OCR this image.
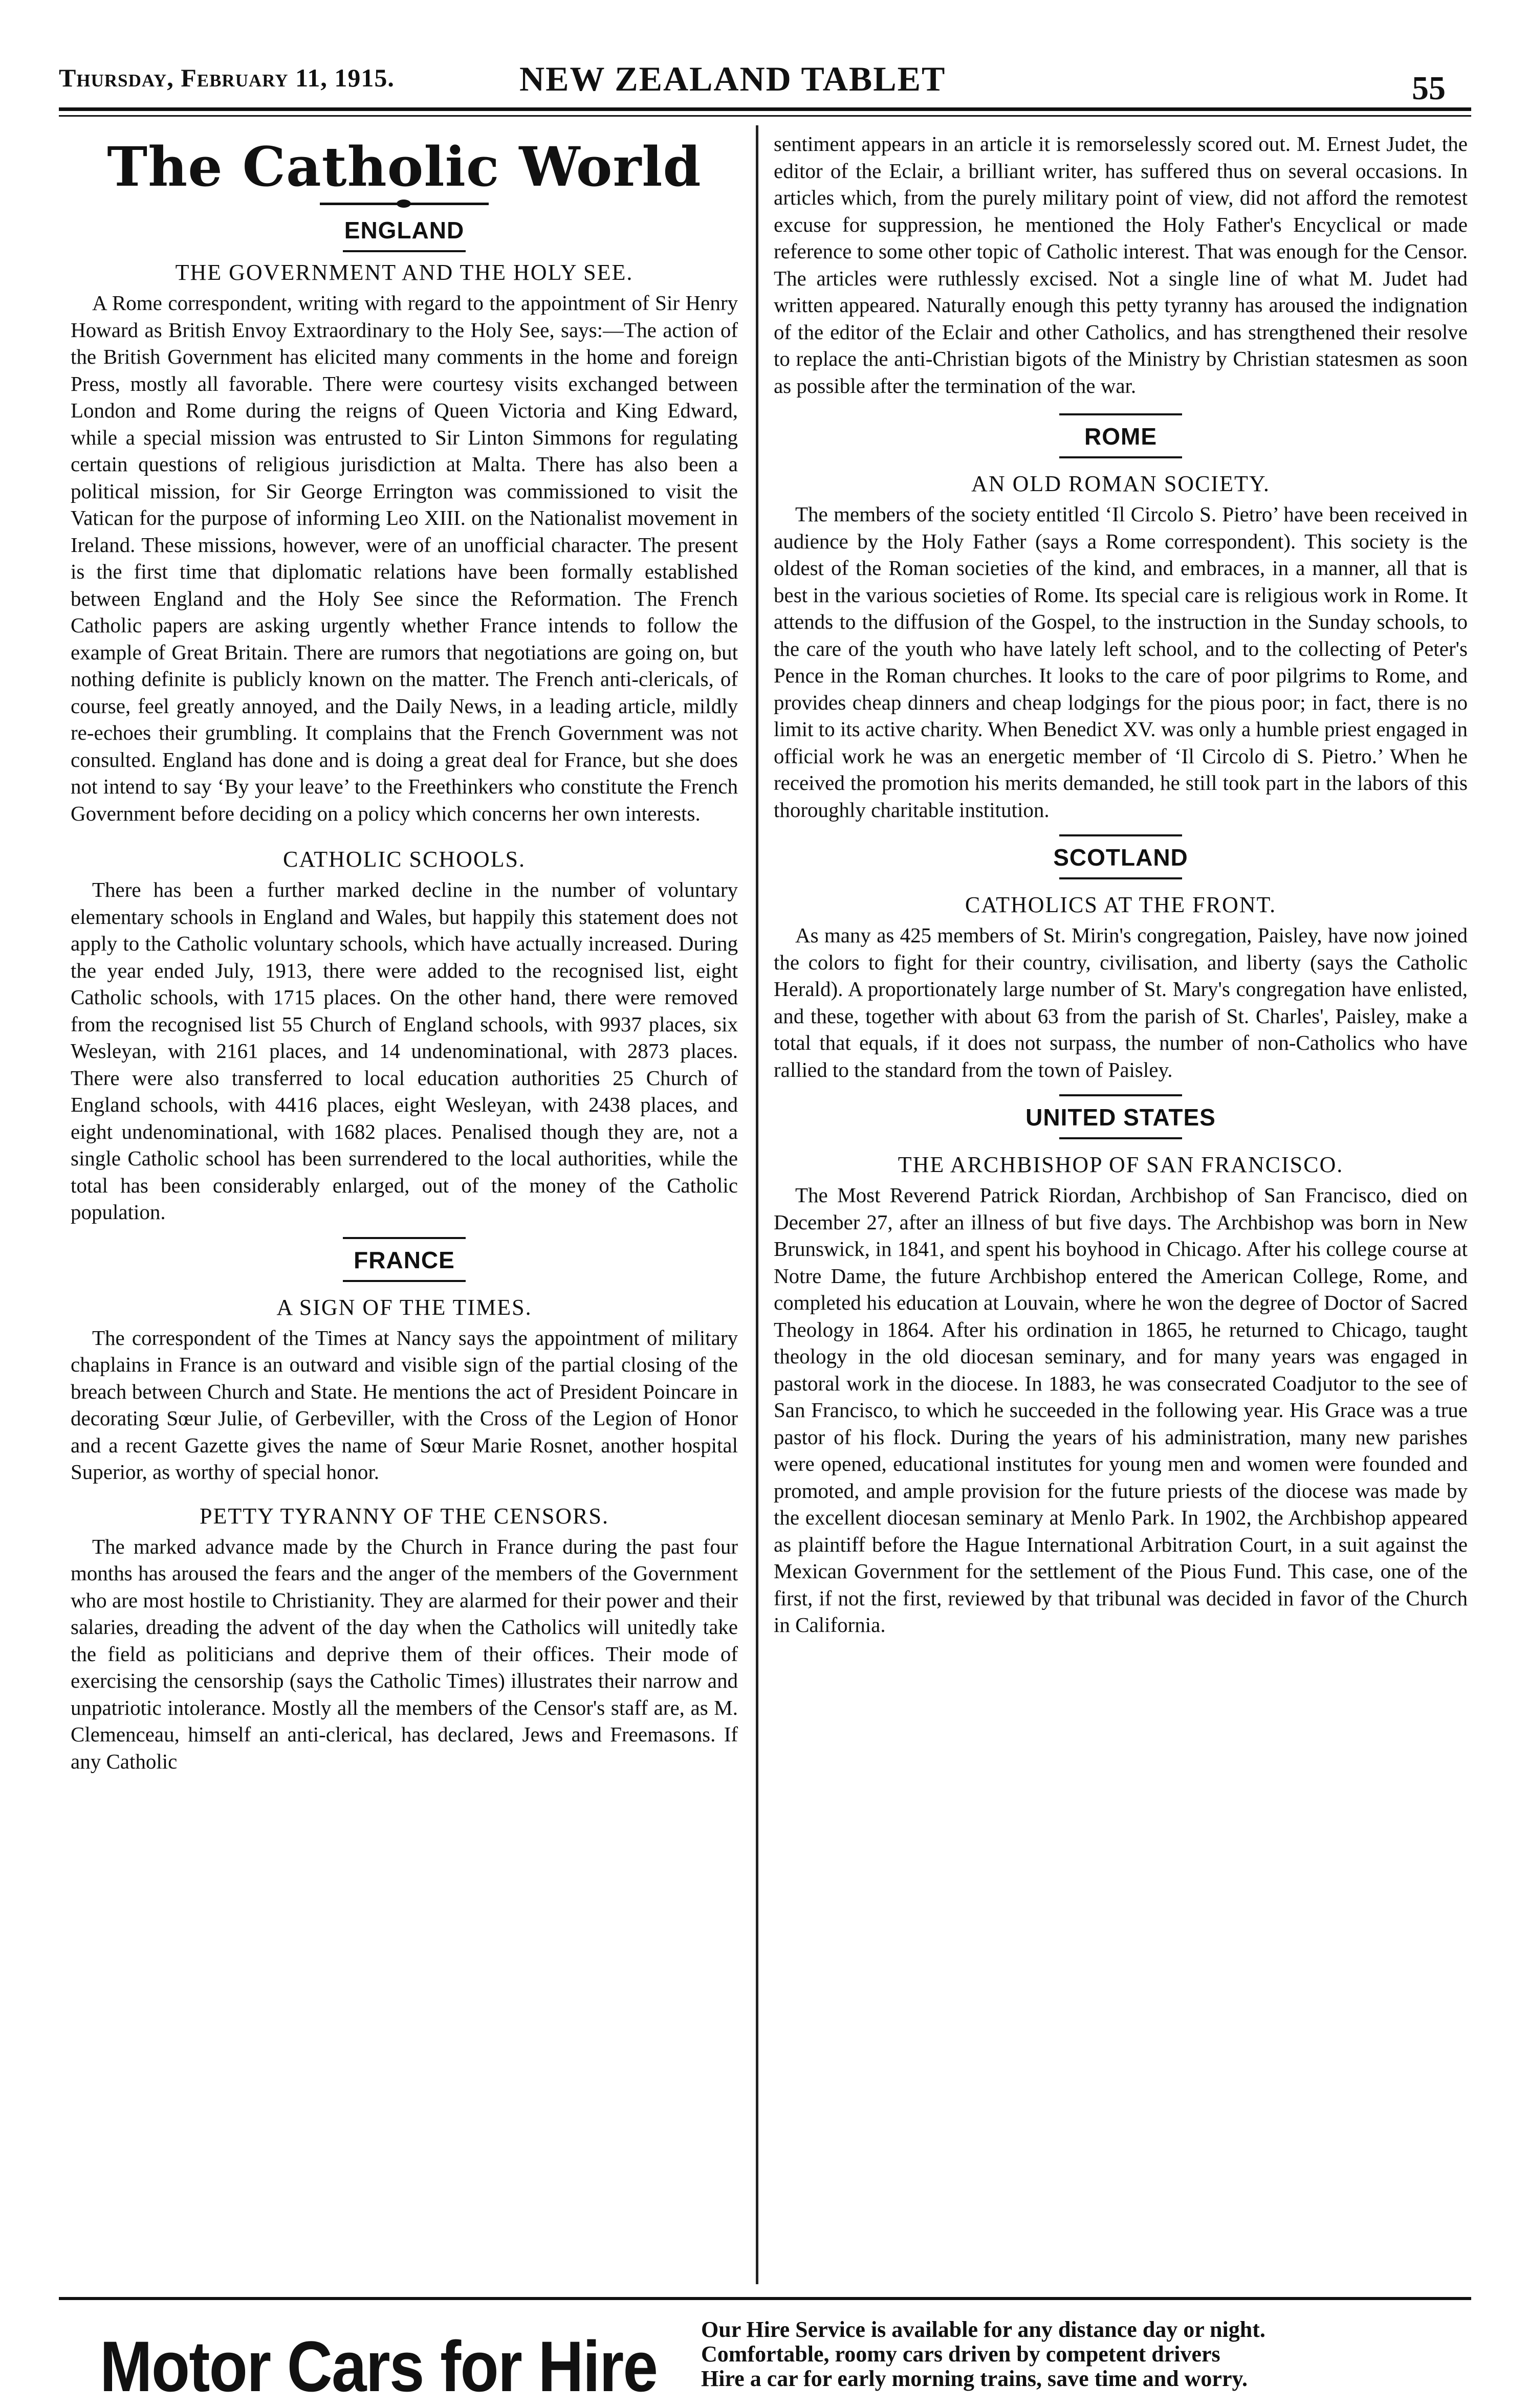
Thursday, February 11, 1915.	NEW ZEALAND TABLET	55
The Catholic World
ENGLAND
THE GOVERNMENT AND THE HOLY SEE.

A Rome correspondent, writing with regard to the appointment of Sir Henry Howard as British Envoy Extraordinary to the Holy See, says:—The action of the British Government has elicited many comments in the home and foreign Press, mostly all favorable. There were courtesy visits exchanged between London and Rome during the reigns of Queen Victoria and King Edward, while a special mission was entrusted to Sir Linton Simmons for regulating certain questions of religious jurisdiction at Malta. There has also been a political mission, for Sir George Errington was commissioned to visit the Vatican for the purpose of informing Leo XIII. on the Nationalist movement in Ireland. These missions, however, were of an unofficial character. The present is the first time that diplomatic relations have been formally established between England and the Holy See since the Reformation. The French Catholic papers are asking urgently whether France intends to follow the example of Great Britain. There are rumors that negotiations are going on, but nothing definite is publicly known on the matter. The French anti-clericals, of course, feel greatly annoyed, and the Daily News, in a leading article, mildly re-echoes their grumbling. It complains that the French Government was not consulted. England has done and is doing a great deal for France, but she does not intend to say ‘By your leave’ to the Freethinkers who constitute the French Government before deciding on a policy which concerns her own interests.

CATHOLIC SCHOOLS.

There has been a further marked decline in the number of voluntary elementary schools in England and Wales, but happily this statement does not apply to the Catholic voluntary schools, which have actually increased. During the year ended July, 1913, there were added to the recognised list, eight Catholic schools, with 1715 places. On the other hand, there were removed from the recognised list 55 Church of England schools, with 9937 places, six Wesleyan, with 2161 places, and 14 undenominational, with 2873 places. There were also transferred to local education authorities 25 Church of England schools, with 4416 places, eight Wesleyan, with 2438 places, and eight undenominational, with 1682 places. Penalised though they are, not a single Catholic school has been surrendered to the local authorities, while the total has been considerably enlarged, out of the money of the Catholic population.

FRANCE
A SIGN OF THE TIMES.

The correspondent of the Times at Nancy says the appointment of military chaplains in France is an outward and visible sign of the partial closing of the breach between Church and State. He mentions the act of President Poincare in decorating Sœur Julie, of Gerbeviller, with the Cross of the Legion of Honor and a recent Gazette gives the name of Sœur Marie Rosnet, another hospital Superior, as worthy of special honor.

PETTY TYRANNY OF THE CENSORS.

The marked advance made by the Church in France during the past four months has aroused the fears and the anger of the members of the Government who are most hostile to Christianity. They are alarmed for their power and their salaries, dreading the advent of the day when the Catholics will unitedly take the field as politicians and deprive them of their offices. Their mode of exercising the censorship (says the Catholic Times) illustrates their narrow and unpatriotic intolerance. Mostly all the members of the Censor's staff are, as M. Clemenceau, himself an anti-clerical, has declared, Jews and Freemasons. If any Catholic

sentiment appears in an article it is remorselessly scored out. M. Ernest Judet, the editor of the Eclair, a brilliant writer, has suffered thus on several occasions. In articles which, from the purely military point of view, did not afford the remotest excuse for suppression, he mentioned the Holy Father's Encyclical or made reference to some other topic of Catholic interest. That was enough for the Censor. The articles were ruthlessly excised. Not a single line of what M. Judet had written appeared. Naturally enough this petty tyranny has aroused the indignation of the editor of the Eclair and other Catholics, and has strengthened their resolve to replace the anti-Christian bigots of the Ministry by Christian statesmen as soon as possible after the termination of the war.

ROME
AN OLD ROMAN SOCIETY.

The members of the society entitled ‘Il Circolo S. Pietro’ have been received in audience by the Holy Father (says a Rome correspondent). This society is the oldest of the Roman societies of the kind, and embraces, in a manner, all that is best in the various societies of Rome. Its special care is religious work in Rome. It attends to the diffusion of the Gospel, to the instruction in the Sunday schools, to the care of the youth who have lately left school, and to the collecting of Peter's Pence in the Roman churches. It looks to the care of poor pilgrims to Rome, and provides cheap dinners and cheap lodgings for the pious poor; in fact, there is no limit to its active charity. When Benedict XV. was only a humble priest engaged in official work he was an energetic member of ‘Il Circolo di S. Pietro.’ When he received the promotion his merits demanded, he still took part in the labors of this thoroughly charitable institution.

SCOTLAND
CATHOLICS AT THE FRONT.

As many as 425 members of St. Mirin's congregation, Paisley, have now joined the colors to fight for their country, civilisation, and liberty (says the Catholic Herald). A proportionately large number of St. Mary's congregation have enlisted, and these, together with about 63 from the parish of St. Charles', Paisley, make a total that equals, if it does not surpass, the number of non-Catholics who have rallied to the standard from the town of Paisley.

UNITED STATES
THE ARCHBISHOP OF SAN FRANCISCO.

The Most Reverend Patrick Riordan, Archbishop of San Francisco, died on December 27, after an illness of but five days. The Archbishop was born in New Brunswick, in 1841, and spent his boyhood in Chicago. After his college course at Notre Dame, the future Archbishop entered the American College, Rome, and completed his education at Louvain, where he won the degree of Doctor of Sacred Theology in 1864. After his ordination in 1865, he returned to Chicago, taught theology in the old diocesan seminary, and for many years was engaged in pastoral work in the diocese. In 1883, he was consecrated Coadjutor to the see of San Francisco, to which he succeeded in the following year. His Grace was a true pastor of his flock. During the years of his administration, many new parishes were opened, educational institutes for young men and women were founded and promoted, and ample provision for the future priests of the diocese was made by the excellent diocesan seminary at Menlo Park. In 1902, the Archbishop appeared as plaintiff before the Hague International Arbitration Court, in a suit against the Mexican Government for the settlement of the Pious Fund. This case, one of the first, if not the first, reviewed by that tribunal was decided in favor of the Church in California.

Motor Cars for Hire Our Hire Service is available for any distance day or night.
Comfortable, roomy cars driven by competent drivers
Hire a car for early morning trains, save time and worry.
